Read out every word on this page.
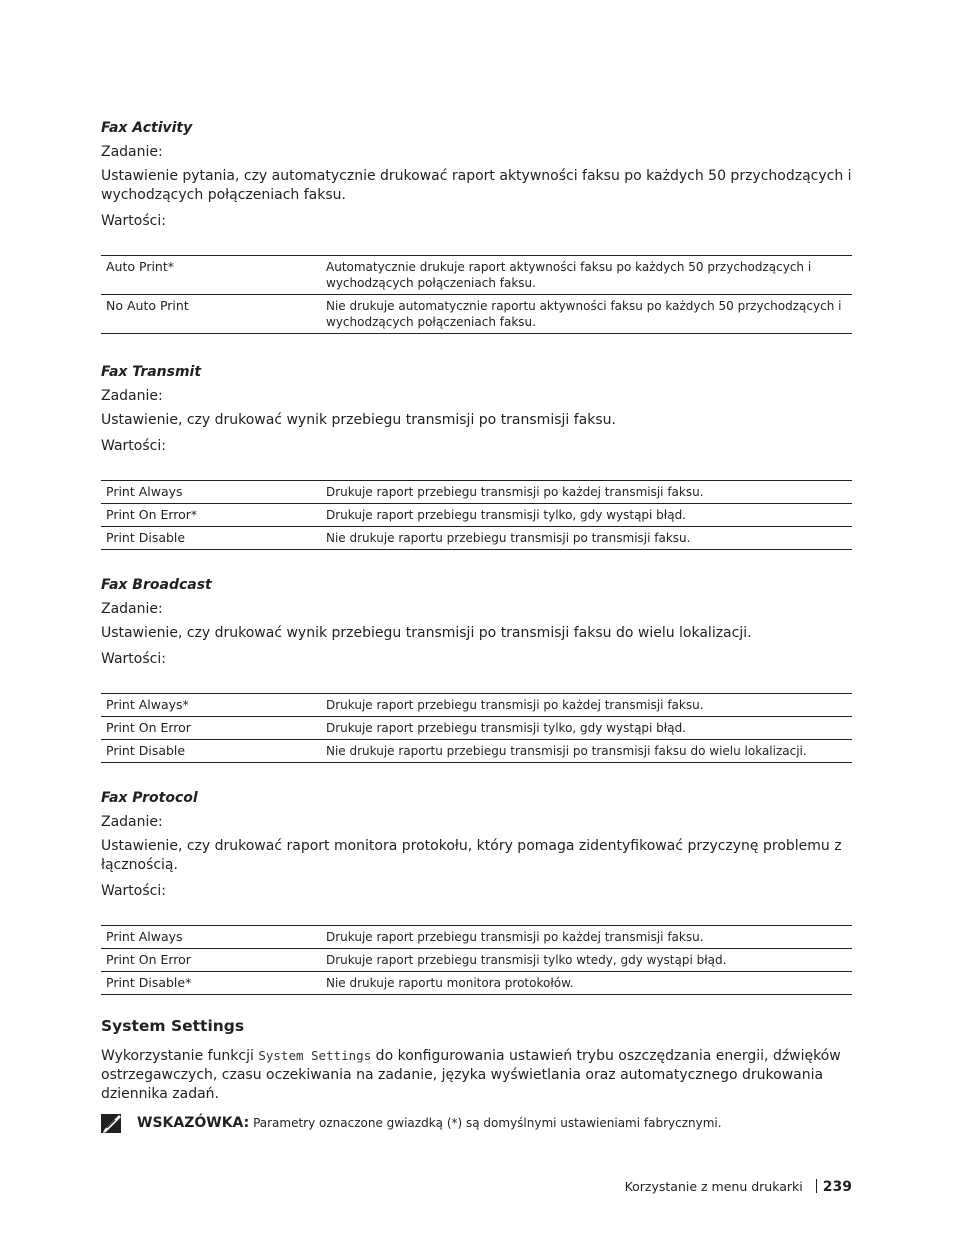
Fax Activity
Zadanie:
Ustawienie pytania, czy automatycznie drukować raport aktywności faksu po każdych 50 przychodzących i wychodzących połączeniach faksu.
Wartości:
Auto Print*	Automatycznie drukuje raport aktywności faksu po każdych 50 przychodzących i wychodzących połączeniach faksu.
No Auto Print	Nie drukuje automatycznie raportu aktywności faksu po każdych 50 przychodzących i wychodzących połączeniach faksu.
Fax Transmit
Zadanie:
Ustawienie, czy drukować wynik przebiegu transmisji po transmisji faksu.
Wartości:
Print Always	Drukuje raport przebiegu transmisji po każdej transmisji faksu.
Print On Error*	Drukuje raport przebiegu transmisji tylko, gdy wystąpi błąd.
Print Disable	Nie drukuje raportu przebiegu transmisji po transmisji faksu.
Fax Broadcast
Zadanie:
Ustawienie, czy drukować wynik przebiegu transmisji po transmisji faksu do wielu lokalizacji.
Wartości:
Print Always*	Drukuje raport przebiegu transmisji po każdej transmisji faksu.
Print On Error	Drukuje raport przebiegu transmisji tylko, gdy wystąpi błąd.
Print Disable	Nie drukuje raportu przebiegu transmisji po transmisji faksu do wielu lokalizacji.
Fax Protocol
Zadanie:
Ustawienie, czy drukować raport monitora protokołu, który pomaga zidentyfikować przyczynę problemu z łącznością.
Wartości:
Print Always	Drukuje raport przebiegu transmisji po każdej transmisji faksu.
Print On Error	Drukuje raport przebiegu transmisji tylko wtedy, gdy wystąpi błąd.
Print Disable*	Nie drukuje raportu monitora protokołów.
System Settings
Wykorzystanie funkcji System Settings do konfigurowania ustawień trybu oszczędzania energii, dźwięków ostrzegawczych, czasu oczekiwania na zadanie, języka wyświetlania oraz automatycznego drukowania dziennika zadań.
WSKAZÓWKA: Parametry oznaczone gwiazdką (*) są domyślnymi ustawieniami fabrycznymi.
Korzystanie z menu drukarki 239
